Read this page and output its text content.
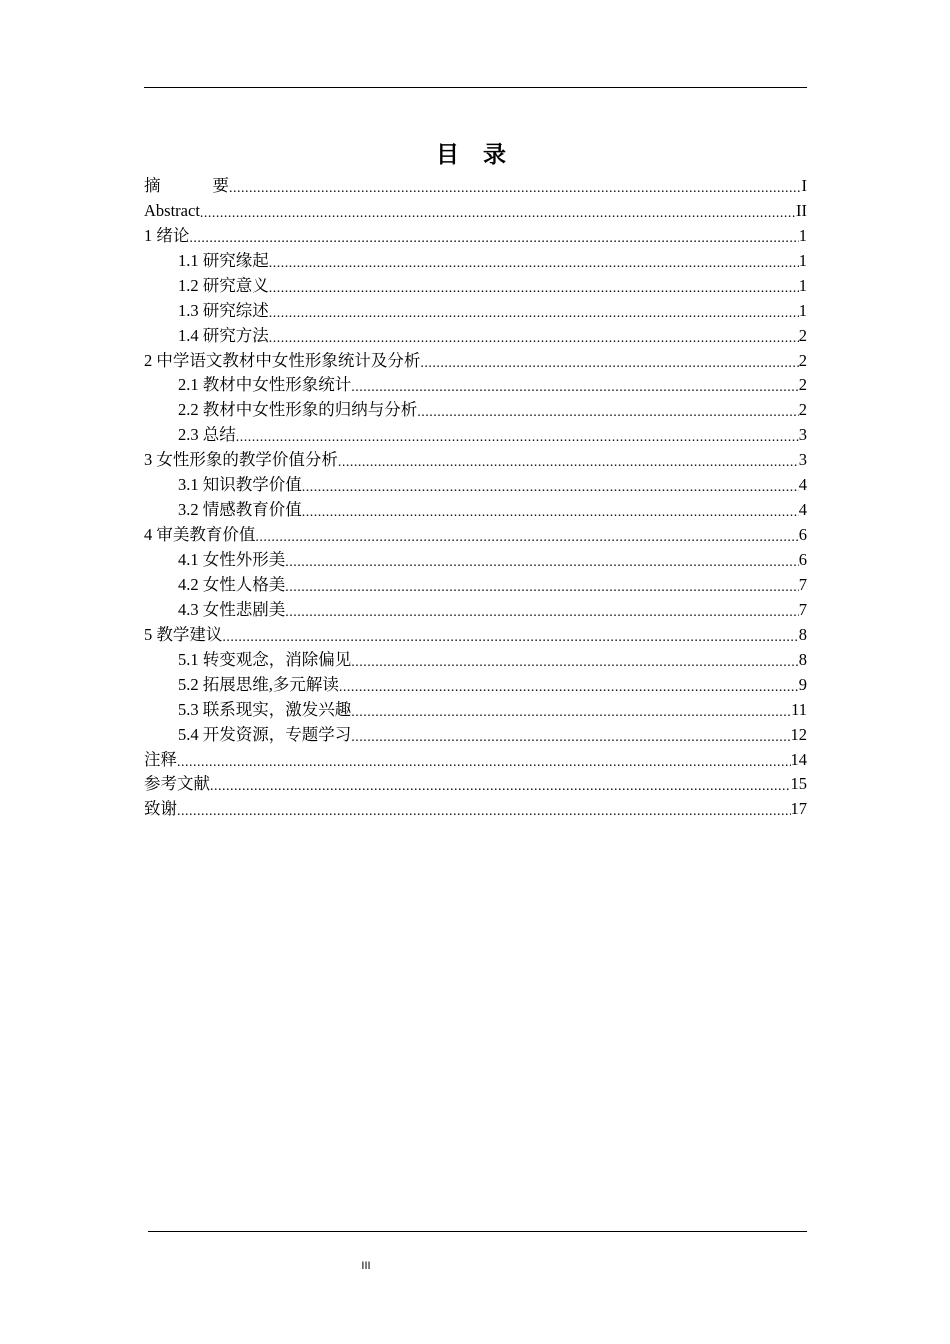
目 录
摘	要 .....	I
Abstract .....	II
1 绪论 .....	1
1.1 研究缘起 .....	1
1.2 研究意义 .....	1
1.3 研究综述 .....	1
1.4 研究方法 .....	2
2 中学语文教材中女性形象统计及分析 .....	2
2.1 教材中女性形象统计 .....	2
2.2 教材中女性形象的归纳与分析 .....	2
2.3 总结 .....	3
3 女性形象的教学价值分析 .....	3
3.1 知识教学价值 .....	4
3.2 情感教育价值 .....	4
4 审美教育价值 .....	6
4.1 女性外形美 .....	6
4.2 女性人格美 .....	7
4.3 女性悲剧美 .....	7
5 教学建议 .....	8
5.1 转变观念，消除偏见 .....	8
5.2 拓展思维,多元解读 .....	9
5.3 联系现实，激发兴趣 .....	11
5.4 开发资源，专题学习 .....	12
注释 .....	14
参考文献 .....	15
致谢 .....	17
III
